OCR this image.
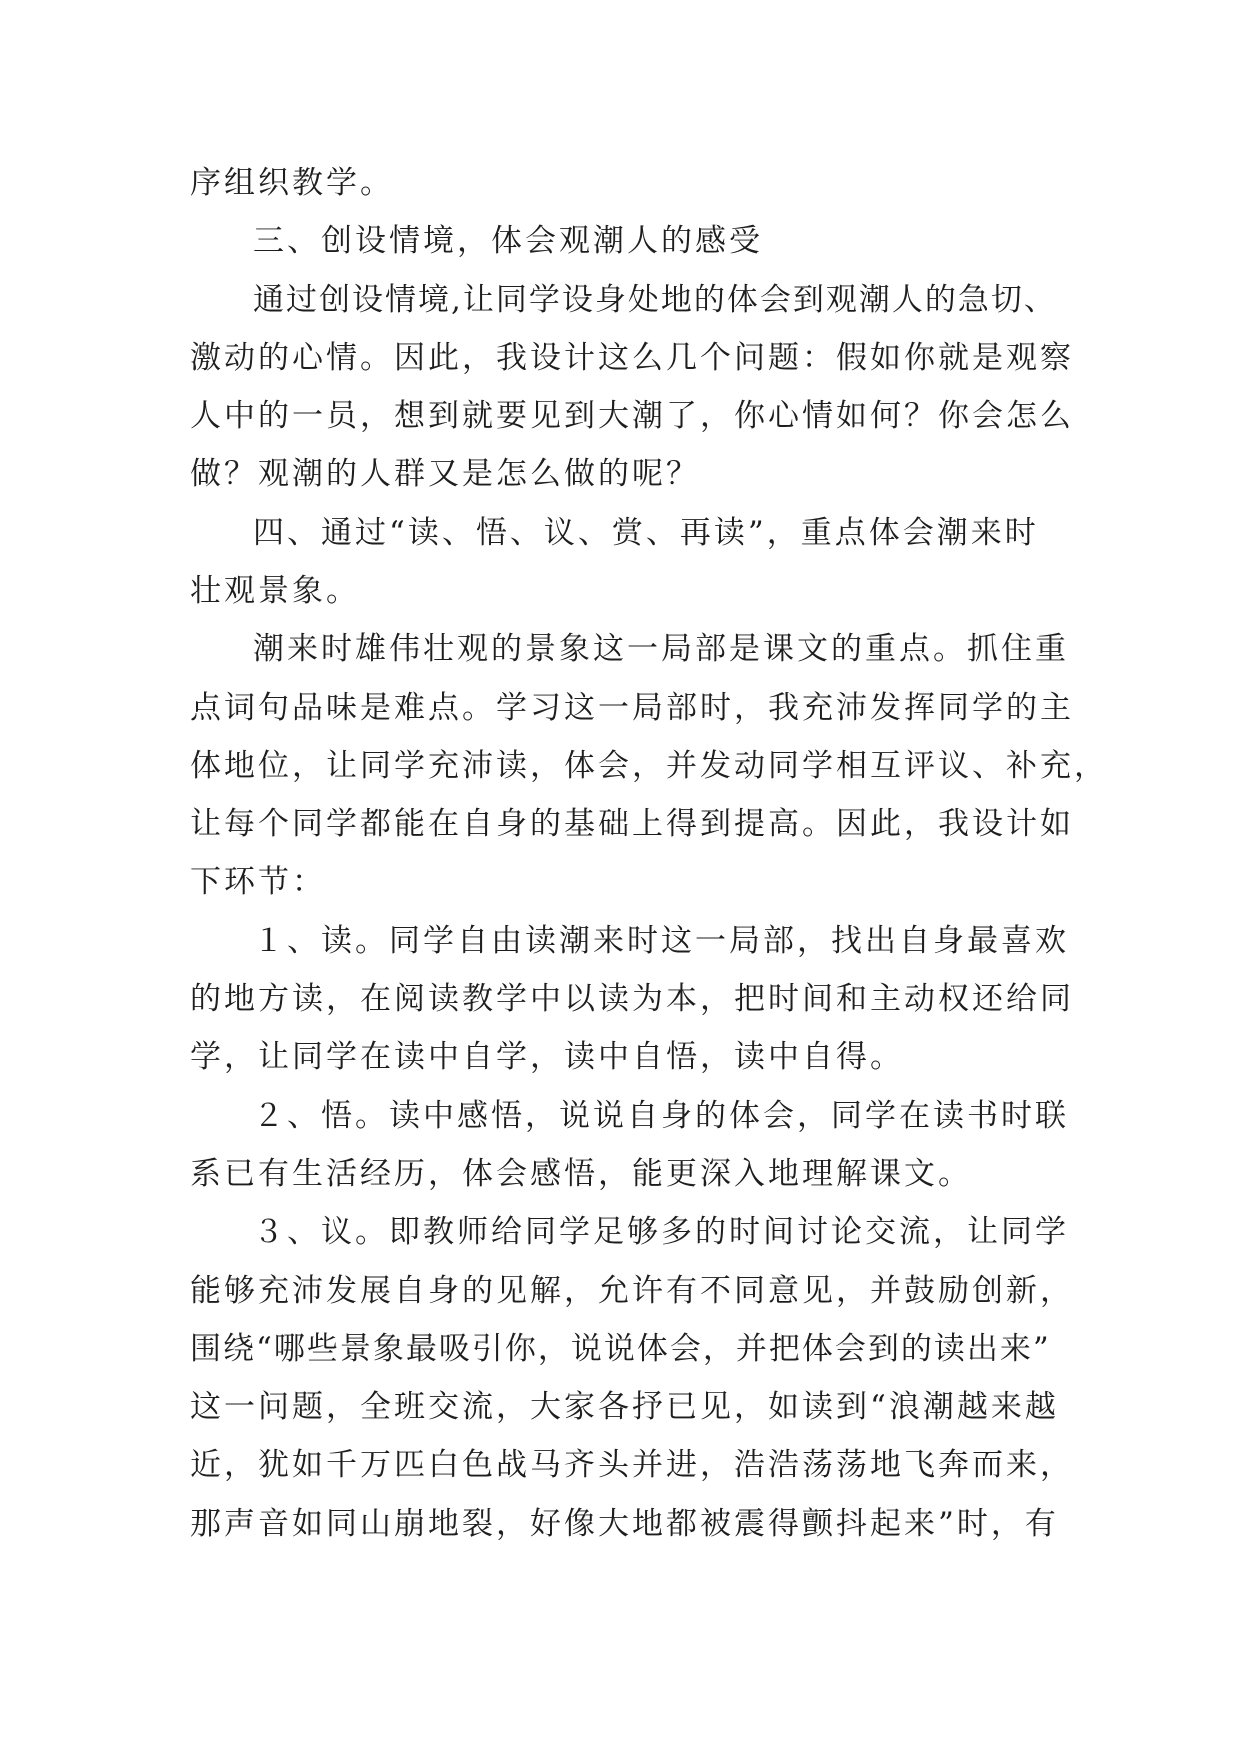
序组织教学。
三、创设情境，体会观潮人的感受
通过创设情境,让同学设身处地的体会到观潮人的急切、
激动的心情。因此，我设计这么几个问题：假如你就是观察
人中的一员，想到就要见到大潮了，你心情如何？你会怎么
做？观潮的人群又是怎么做的呢？
四、通过“读、悟、议、赏、再读”，重点体会潮来时
壮观景象。
潮来时雄伟壮观的景象这一局部是课文的重点。抓住重
点词句品味是难点。学习这一局部时，我充沛发挥同学的主
体地位，让同学充沛读，体会，并发动同学相互评议、补充，
让每个同学都能在自身的基础上得到提高。因此，我设计如
下环节：
１、读。同学自由读潮来时这一局部，找出自身最喜欢
的地方读，在阅读教学中以读为本，把时间和主动权还给同
学，让同学在读中自学，读中自悟，读中自得。
２、悟。读中感悟，说说自身的体会，同学在读书时联
系已有生活经历，体会感悟，能更深入地理解课文。
３、议。即教师给同学足够多的时间讨论交流，让同学
能够充沛发展自身的见解，允许有不同意见，并鼓励创新，
围绕“哪些景象最吸引你，说说体会，并把体会到的读出来”
这一问题，全班交流，大家各抒已见，如读到“浪潮越来越
近，犹如千万匹白色战马齐头并进，浩浩荡荡地飞奔而来，
那声音如同山崩地裂，好像大地都被震得颤抖起来”时，有
